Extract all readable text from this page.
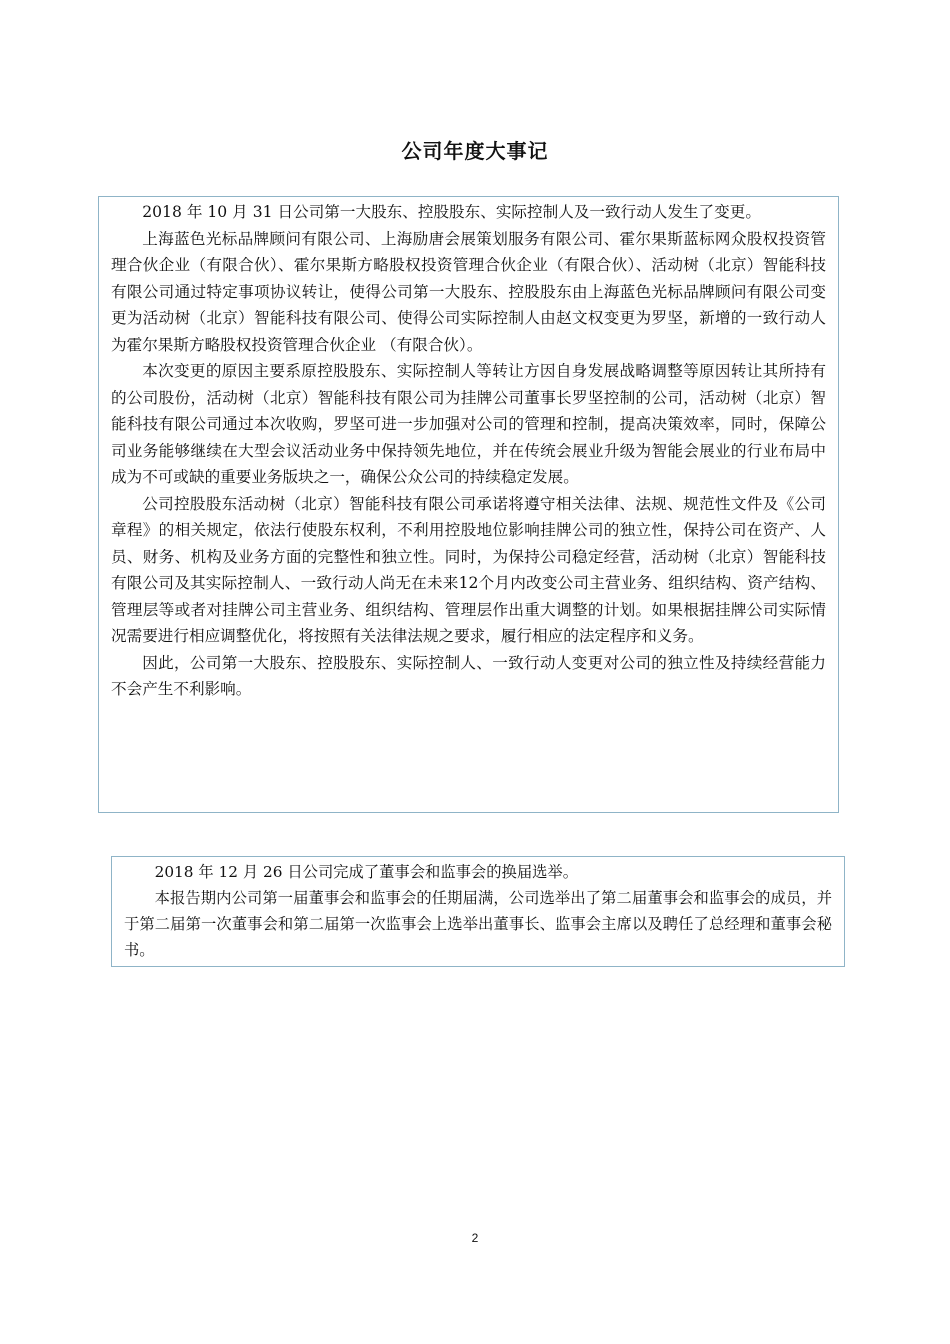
公司年度大事记

2018 年 10 月 31 日公司第一大股东、控股股东、实际控制人及一致行动人发生了变更。

上海蓝色光标品牌顾问有限公司、上海励唐会展策划服务有限公司、霍尔果斯蓝标网众股权投资管理合伙企业（有限合伙）、霍尔果斯方略股权投资管理合伙企业（有限合伙）、活动树（北京）智能科技有限公司通过特定事项协议转让，使得公司第一大股东、控股股东由上海蓝色光标品牌顾问有限公司变更为活动树（北京）智能科技有限公司、使得公司实际控制人由赵文权变更为罗坚，新增的一致行动人为霍尔果斯方略股权投资管理合伙企业 （有限合伙）。

本次变更的原因主要系原控股股东、实际控制人等转让方因自身发展战略调整等原因转让其所持有的公司股份，活动树（北京）智能科技有限公司为挂牌公司董事长罗坚控制的公司，活动树（北京）智能科技有限公司通过本次收购，罗坚可进一步加强对公司的管理和控制，提高决策效率，同时，保障公司业务能够继续在大型会议活动业务中保持领先地位，并在传统会展业升级为智能会展业的行业布局中成为不可或缺的重要业务版块之一，确保公众公司的持续稳定发展。

公司控股股东活动树（北京）智能科技有限公司承诺将遵守相关法律、法规、规范性文件及《公司章程》的相关规定，依法行使股东权利，不利用控股地位影响挂牌公司的独立性，保持公司在资产、人员、财务、机构及业务方面的完整性和独立性。同时，为保持公司稳定经营，活动树（北京）智能科技有限公司及其实际控制人、一致行动人尚无在未来12个月内改变公司主营业务、组织结构、资产结构、管理层等或者对挂牌公司主营业务、组织结构、管理层作出重大调整的计划。如果根据挂牌公司实际情况需要进行相应调整优化，将按照有关法律法规之要求，履行相应的法定程序和义务。

因此，公司第一大股东、控股股东、实际控制人、一致行动人变更对公司的独立性及持续经营能力不会产生不利影响。

2018 年 12 月 26 日公司完成了董事会和监事会的换届选举。

本报告期内公司第一届董事会和监事会的任期届满，公司选举出了第二届董事会和监事会的成员，并于第二届第一次董事会和第二届第一次监事会上选举出董事长、监事会主席以及聘任了总经理和董事会秘书。

2
